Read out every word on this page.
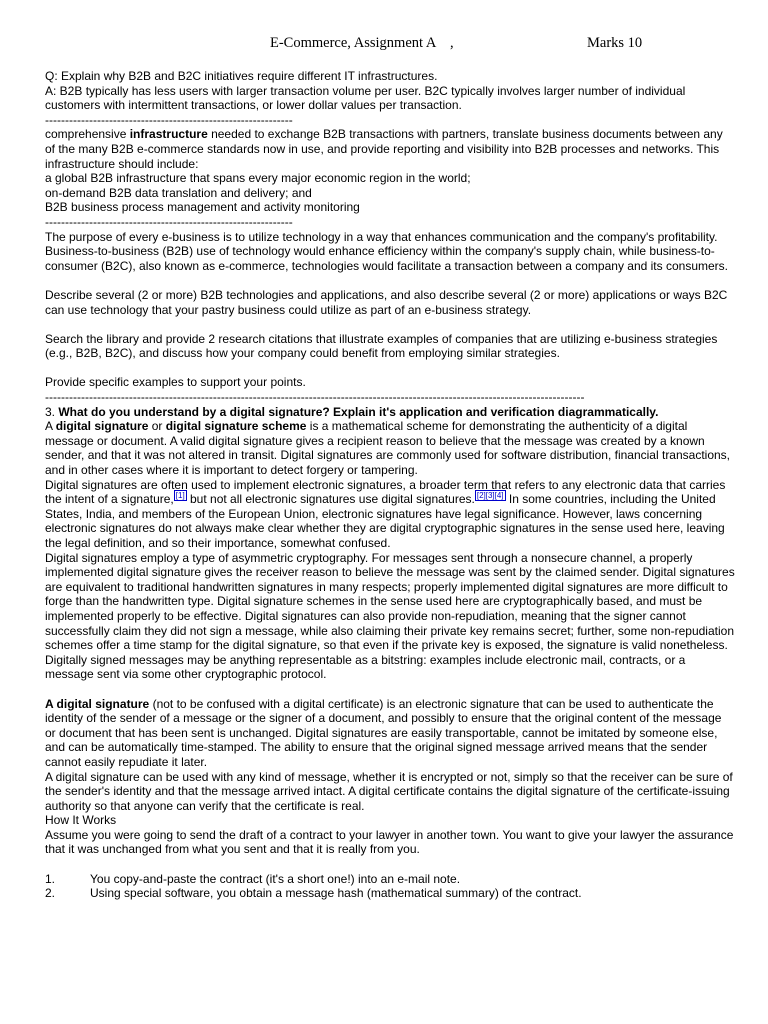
E-Commerce, Assignment A    ,	Marks 10

Q: Explain why B2B and B2C initiatives require different IT infrastructures.

A: B2B typically has less users with larger transaction volume per user. B2C typically involves larger number of individual customers with intermittent transactions, or lower dollar values per transaction.

--------------------------------------------------------------

comprehensive infrastructure needed to exchange B2B transactions with partners, translate business documents between any of the many B2B e-commerce standards now in use, and provide reporting and visibility into B2B processes and networks. This infrastructure should include:

a global B2B infrastructure that spans every major economic region in the world;

on-demand B2B data translation and delivery; and

B2B business process management and activity monitoring

--------------------------------------------------------------

The purpose of every e-business is to utilize technology in a way that enhances communication and the company's profitability. Business-to-business (B2B) use of technology would enhance efficiency within the company's supply chain, while business-to-consumer (B2C), also known as e-commerce, technologies would facilitate a transaction between a company and its consumers.

Describe several (2 or more) B2B technologies and applications, and also describe several (2 or more) applications or ways B2C can use technology that your pastry business could utilize as part of an e-business strategy.

Search the library and provide 2 research citations that illustrate examples of companies that are utilizing e-business strategies (e.g., B2B, B2C), and discuss how your company could benefit from employing similar strategies.

Provide specific examples to support your points.

---------------------------------------------------------------------------------------------------------------------------------------

3. What do you understand by a digital signature? Explain it's application and verification diagrammatically.

A digital signature or digital signature scheme is a mathematical scheme for demonstrating the authenticity of a digital message or document. A valid digital signature gives a recipient reason to believe that the message was created by a known sender, and that it was not altered in transit. Digital signatures are commonly used for software distribution, financial transactions, and in other cases where it is important to detect forgery or tampering.

Digital signatures are often used to implement electronic signatures, a broader term that refers to any electronic data that carries the intent of a signature, [1] but not all electronic signatures use digital signatures. [2][3][4] In some countries, including the United States, India, and members of the European Union, electronic signatures have legal significance. However, laws concerning electronic signatures do not always make clear whether they are digital cryptographic signatures in the sense used here, leaving the legal definition, and so their importance, somewhat confused.

Digital signatures employ a type of asymmetric cryptography. For messages sent through a nonsecure channel, a properly implemented digital signature gives the receiver reason to believe the message was sent by the claimed sender. Digital signatures are equivalent to traditional handwritten signatures in many respects; properly implemented digital signatures are more difficult to forge than the handwritten type. Digital signature schemes in the sense used here are cryptographically based, and must be implemented properly to be effective. Digital signatures can also provide non-repudiation, meaning that the signer cannot successfully claim they did not sign a message, while also claiming their private key remains secret; further, some non-repudiation schemes offer a time stamp for the digital signature, so that even if the private key is exposed, the signature is valid nonetheless. Digitally signed messages may be anything representable as a bitstring: examples include electronic mail, contracts, or a message sent via some other cryptographic protocol.

A digital signature (not to be confused with a digital certificate) is an electronic signature that can be used to authenticate the identity of the sender of a message or the signer of a document, and possibly to ensure that the original content of the message or document that has been sent is unchanged. Digital signatures are easily transportable, cannot be imitated by someone else, and can be automatically time-stamped. The ability to ensure that the original signed message arrived means that the sender cannot easily repudiate it later.

A digital signature can be used with any kind of message, whether it is encrypted or not, simply so that the receiver can be sure of the sender's identity and that the message arrived intact. A digital certificate contains the digital signature of the certificate-issuing authority so that anyone can verify that the certificate is real.

How It Works

Assume you were going to send the draft of a contract to your lawyer in another town. You want to give your lawyer the assurance that it was unchanged from what you sent and that it is really from you.

1.	You copy-and-paste the contract (it's a short one!) into an e-mail note.

2.	Using special software, you obtain a message hash (mathematical summary) of the contract.
